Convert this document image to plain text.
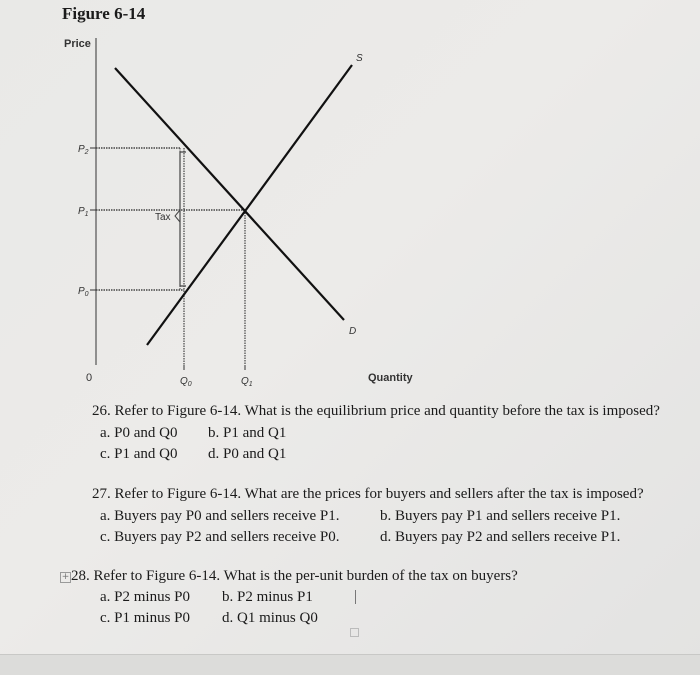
Figure 6-14
Price
Quantity
0
$P_2$
$P_1$
$P_0$
$Q_0$	$Q_1$
S
D
Tax
26. Refer to Figure 6-14. What is the equilibrium price and quantity before the tax is imposed?
a. P0 and Q0 b. P1 and Q1
c. P1 and Q0 d. P0 and Q1
27. Refer to Figure 6-14. What are the prices for buyers and sellers after the tax is imposed?
a. Buyers pay P0 and sellers receive P1.	b. Buyers pay P1 and sellers receive P1.
c. Buyers pay P2 and sellers receive P0.	d. Buyers pay P2 and sellers receive P1.
+ 28. Refer to Figure 6-14. What is the per-unit burden of the tax on buyers?
a. P2 minus P0 b. P2 minus P1
c. P1 minus P0 d. Q1 minus Q0
